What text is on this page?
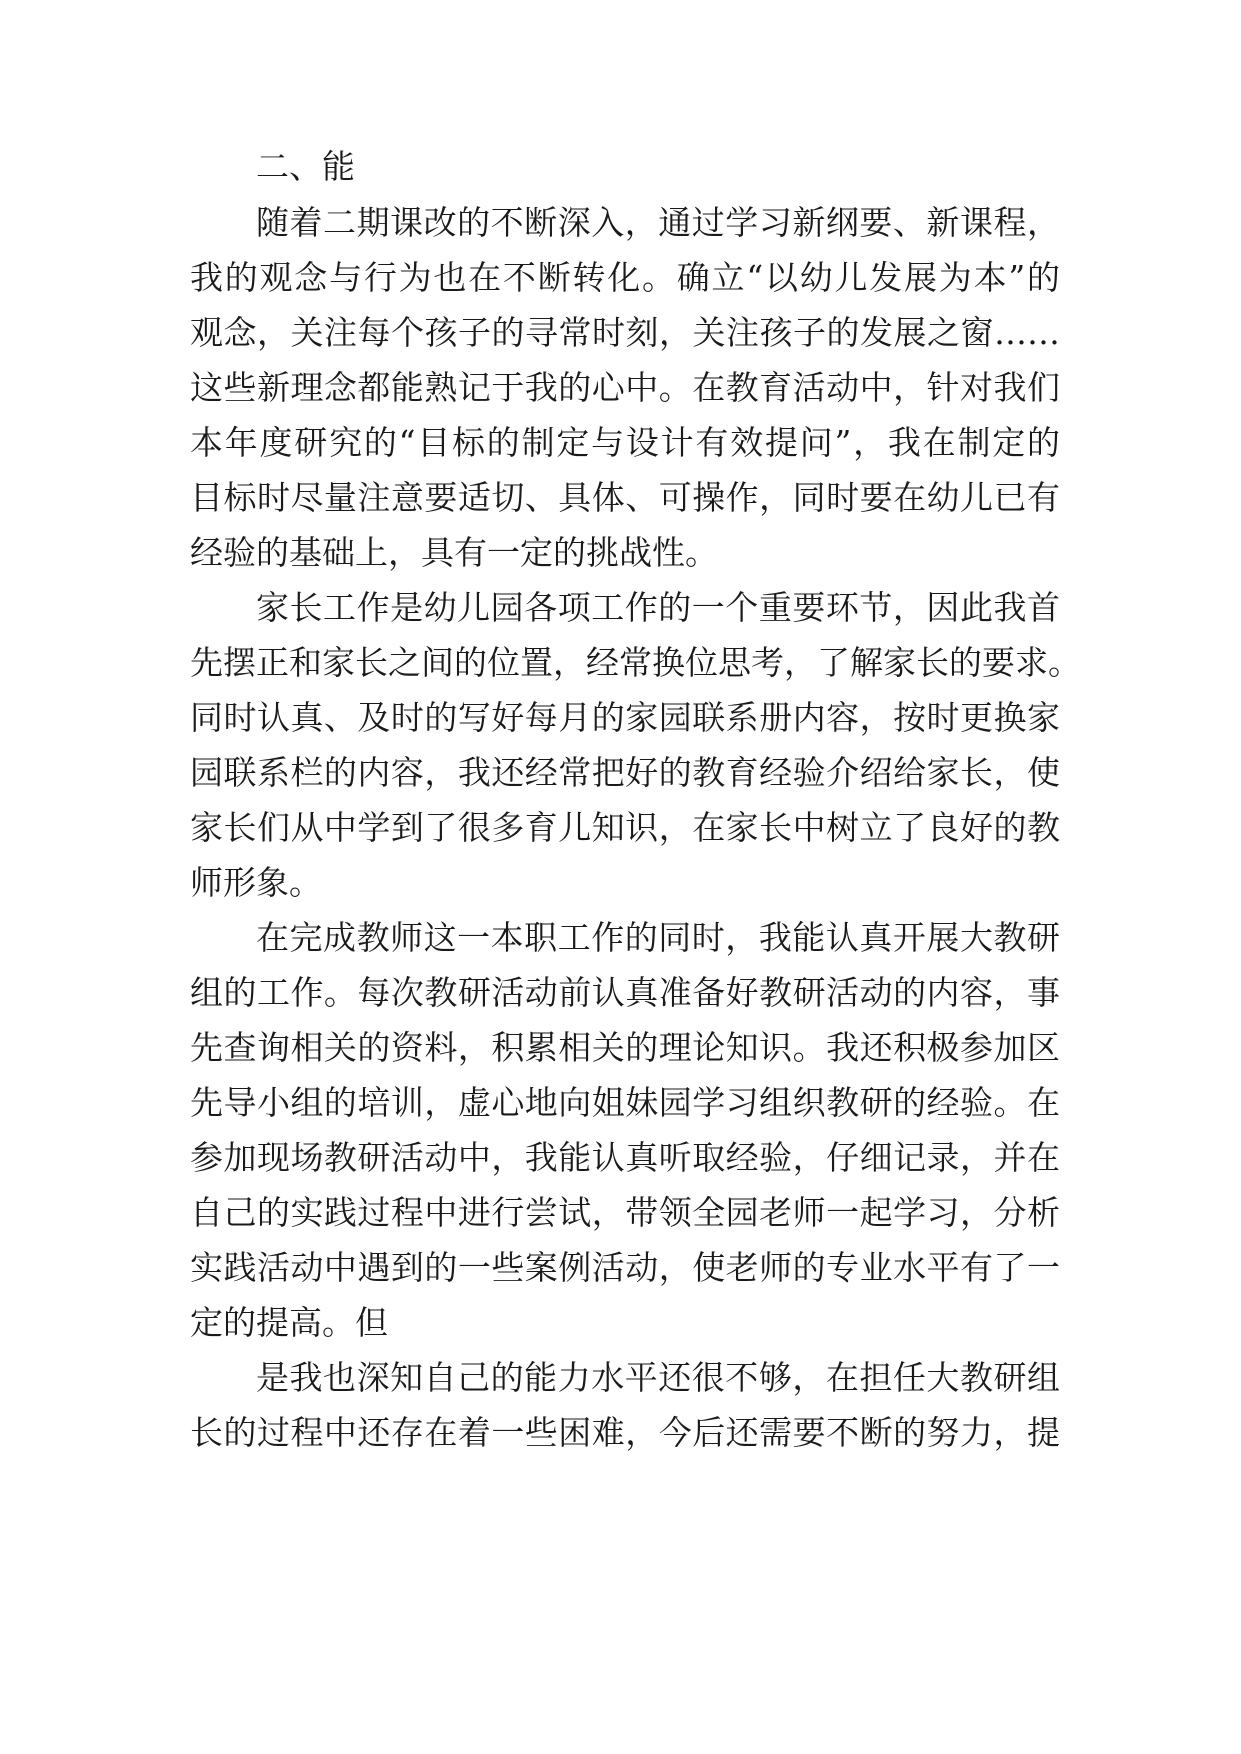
二、能
随着二期课改的不断深入，通过学习新纲要、新课程，
我的观念与行为也在不断转化。确立“以幼儿发展为本”的
观念，关注每个孩子的寻常时刻，关注孩子的发展之窗……
这些新理念都能熟记于我的心中。在教育活动中，针对我们
本年度研究的“目标的制定与设计有效提问”，我在制定的
目标时尽量注意要适切、具体、可操作，同时要在幼儿已有
经验的基础上，具有一定的挑战性。
家长工作是幼儿园各项工作的一个重要环节，因此我首
先摆正和家长之间的位置，经常换位思考，了解家长的要求。
同时认真、及时的写好每月的家园联系册内容，按时更换家
园联系栏的内容，我还经常把好的教育经验介绍给家长，使
家长们从中学到了很多育儿知识，在家长中树立了良好的教
师形象。
在完成教师这一本职工作的同时，我能认真开展大教研
组的工作。每次教研活动前认真准备好教研活动的内容，事
先查询相关的资料，积累相关的理论知识。我还积极参加区
先导小组的培训，虚心地向姐妹园学习组织教研的经验。在
参加现场教研活动中，我能认真听取经验，仔细记录，并在
自己的实践过程中进行尝试，带领全园老师一起学习，分析
实践活动中遇到的一些案例活动，使老师的专业水平有了一
定的提高。但
是我也深知自己的能力水平还很不够，在担任大教研组
长的过程中还存在着一些困难，今后还需要不断的努力，提
